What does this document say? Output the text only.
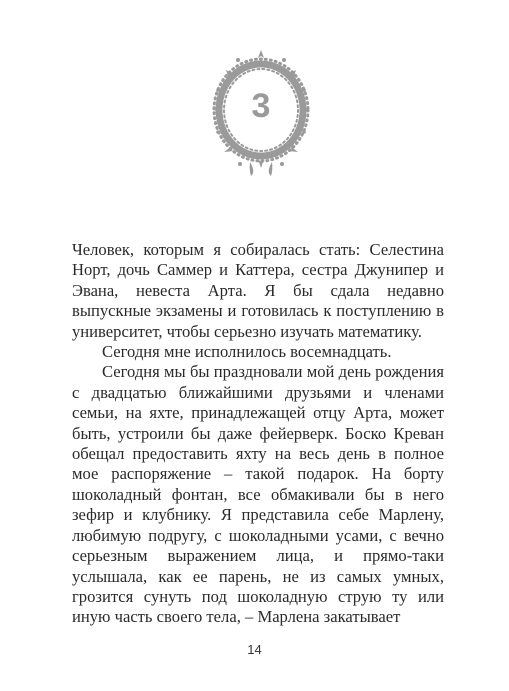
3

Человек, которым я собиралась стать: Селестина Норт, дочь Саммер и Каттера, сестра Джунипер и Эвана, невеста Арта. Я бы сдала недавно выпускные экзамены и готовилась к поступлению в университет, чтобы серьезно изучать математику.

Сегодня мне исполнилось восемнадцать.

Сегодня мы бы праздновали мой день рождения с двадцатью ближайшими друзьями и членами семьи, на яхте, принадлежащей отцу Арта, может быть, устроили бы даже фейерверк. Боско Креван обещал предоставить яхту на весь день в полное мое распоряжение – такой подарок. На борту шоколадный фонтан, все обмакивали бы в него зефир и клубнику. Я представила себе Марлену, любимую подругу, с шоколадными усами, с вечно серьезным выражением лица, и прямо-таки услышала, как ее парень, не из самых умных, грозится сунуть под шоколадную струю ту или иную часть своего тела, – Марлена закатывает

14
